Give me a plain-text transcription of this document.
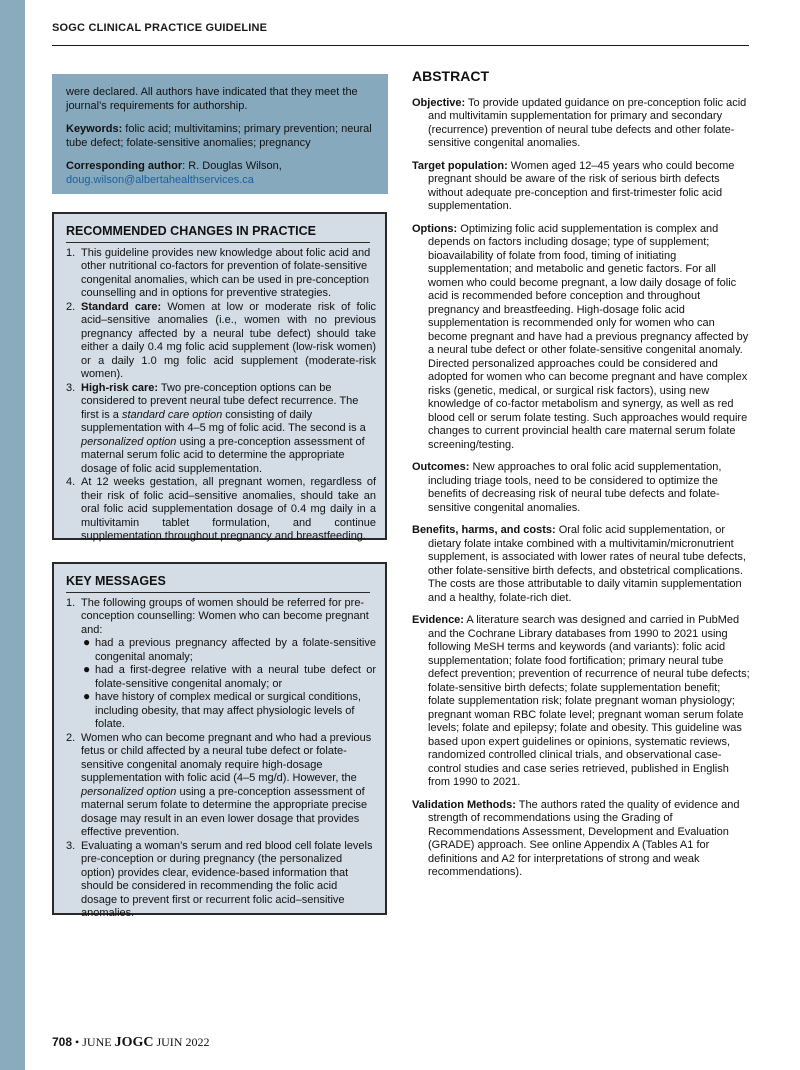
SOGC CLINICAL PRACTICE GUIDELINE

were declared. All authors have indicated that they meet the journal’s requirements for authorship.

Keywords: folic acid; multivitamins; primary prevention; neural tube defect; folate-sensitive anomalies; pregnancy

Corresponding author: R. Douglas Wilson,
doug.wilson@albertahealthservices.ca

RECOMMENDED CHANGES IN PRACTICE
1. This guideline provides new knowledge about folic acid and other nutritional co-factors for prevention of folate-sensitive congenital anomalies, which can be used in pre-conception counselling and in options for preventive strategies.
2. Standard care: Women at low or moderate risk of folic acid–sensitive anomalies (i.e., women with no previous pregnancy affected by a neural tube defect) should take either a daily 0.4 mg folic acid supplement (low-risk women) or a daily 1.0 mg folic acid supplement (moderate-risk women).
3. High-risk care: Two pre-conception options can be considered to prevent neural tube defect recurrence. The first is a standard care option consisting of daily supplementation with 4–5 mg of folic acid. The second is a personalized option using a pre-conception assessment of maternal serum folic acid to determine the appropriate dosage of folic acid supplementation.
4. At 12 weeks gestation, all pregnant women, regardless of their risk of folic acid–sensitive anomalies, should take an oral folic acid supplementation dosage of 0.4 mg daily in a multivitamin tablet formulation, and continue supplementation throughout pregnancy and breastfeeding.
KEY MESSAGES
1. The following groups of women should be referred for pre-conception counselling: Women who can become pregnant and:
● had a previous pregnancy affected by a folate-sensitive congenital anomaly;
● had a first-degree relative with a neural tube defect or folate-sensitive congenital anomaly; or
● have history of complex medical or surgical conditions, including obesity, that may affect physiologic levels of folate.
2. Women who can become pregnant and who had a previous fetus or child affected by a neural tube defect or folate-sensitive congenital anomaly require high-dosage supplementation with folic acid (4–5 mg/d). However, the personalized option using a pre-conception assessment of maternal serum folate to determine the appropriate precise dosage may result in an even lower dosage that provides effective prevention.
3. Evaluating a woman’s serum and red blood cell folate levels pre-conception or during pregnancy (the personalized option) provides clear, evidence-based information that should be considered in recommending the folic acid dosage to prevent first or recurrent folic acid–sensitive anomalies.
ABSTRACT

Objective: To provide updated guidance on pre-conception folic acid and multivitamin supplementation for primary and secondary (recurrence) prevention of neural tube defects and other folate-sensitive congenital anomalies.

Target population: Women aged 12–45 years who could become pregnant should be aware of the risk of serious birth defects without adequate pre-conception and first-trimester folic acid supplementation.

Options: Optimizing folic acid supplementation is complex and depends on factors including dosage; type of supplement; bioavailability of folate from food, timing of initiating supplementation; and metabolic and genetic factors. For all women who could become pregnant, a low daily dosage of folic acid is recommended before conception and throughout pregnancy and breastfeeding. High-dosage folic acid supplementation is recommended only for women who can become pregnant and have had a previous pregnancy affected by a neural tube defect or other folate-sensitive congenital anomaly. Directed personalized approaches could be considered and adopted for women who can become pregnant and have complex risks (genetic, medical, or surgical risk factors), using new knowledge of co-factor metabolism and synergy, as well as red blood cell or serum folate testing. Such approaches would require changes to current provincial health care maternal serum folate screening/testing.

Outcomes: New approaches to oral folic acid supplementation, including triage tools, need to be considered to optimize the benefits of decreasing risk of neural tube defects and folate-sensitive congenital anomalies.

Benefits, harms, and costs: Oral folic acid supplementation, or dietary folate intake combined with a multivitamin/micronutrient supplement, is associated with lower rates of neural tube defects, other folate-sensitive birth defects, and obstetrical complications. The costs are those attributable to daily vitamin supplementation and a healthy, folate-rich diet.

Evidence: A literature search was designed and carried in PubMed and the Cochrane Library databases from 1990 to 2021 using following MeSH terms and keywords (and variants): folic acid supplementation; folate food fortification; primary neural tube defect prevention; prevention of recurrence of neural tube defects; folate-sensitive birth defects; folate supplementation benefit; folate supplementation risk; folate pregnant woman physiology; pregnant woman RBC folate level; pregnant woman serum folate levels; folate and epilepsy; folate and obesity. This guideline was based upon expert guidelines or opinions, systematic reviews, randomized controlled clinical trials, and observational case-control studies and case series retrieved, published in English from 1990 to 2021.

Validation Methods: The authors rated the quality of evidence and strength of recommendations using the Grading of Recommendations Assessment, Development and Evaluation (GRADE) approach. See online Appendix A (Tables A1 for definitions and A2 for interpretations of strong and weak recommendations).

708 • JUNE JOGC JUIN 2022
